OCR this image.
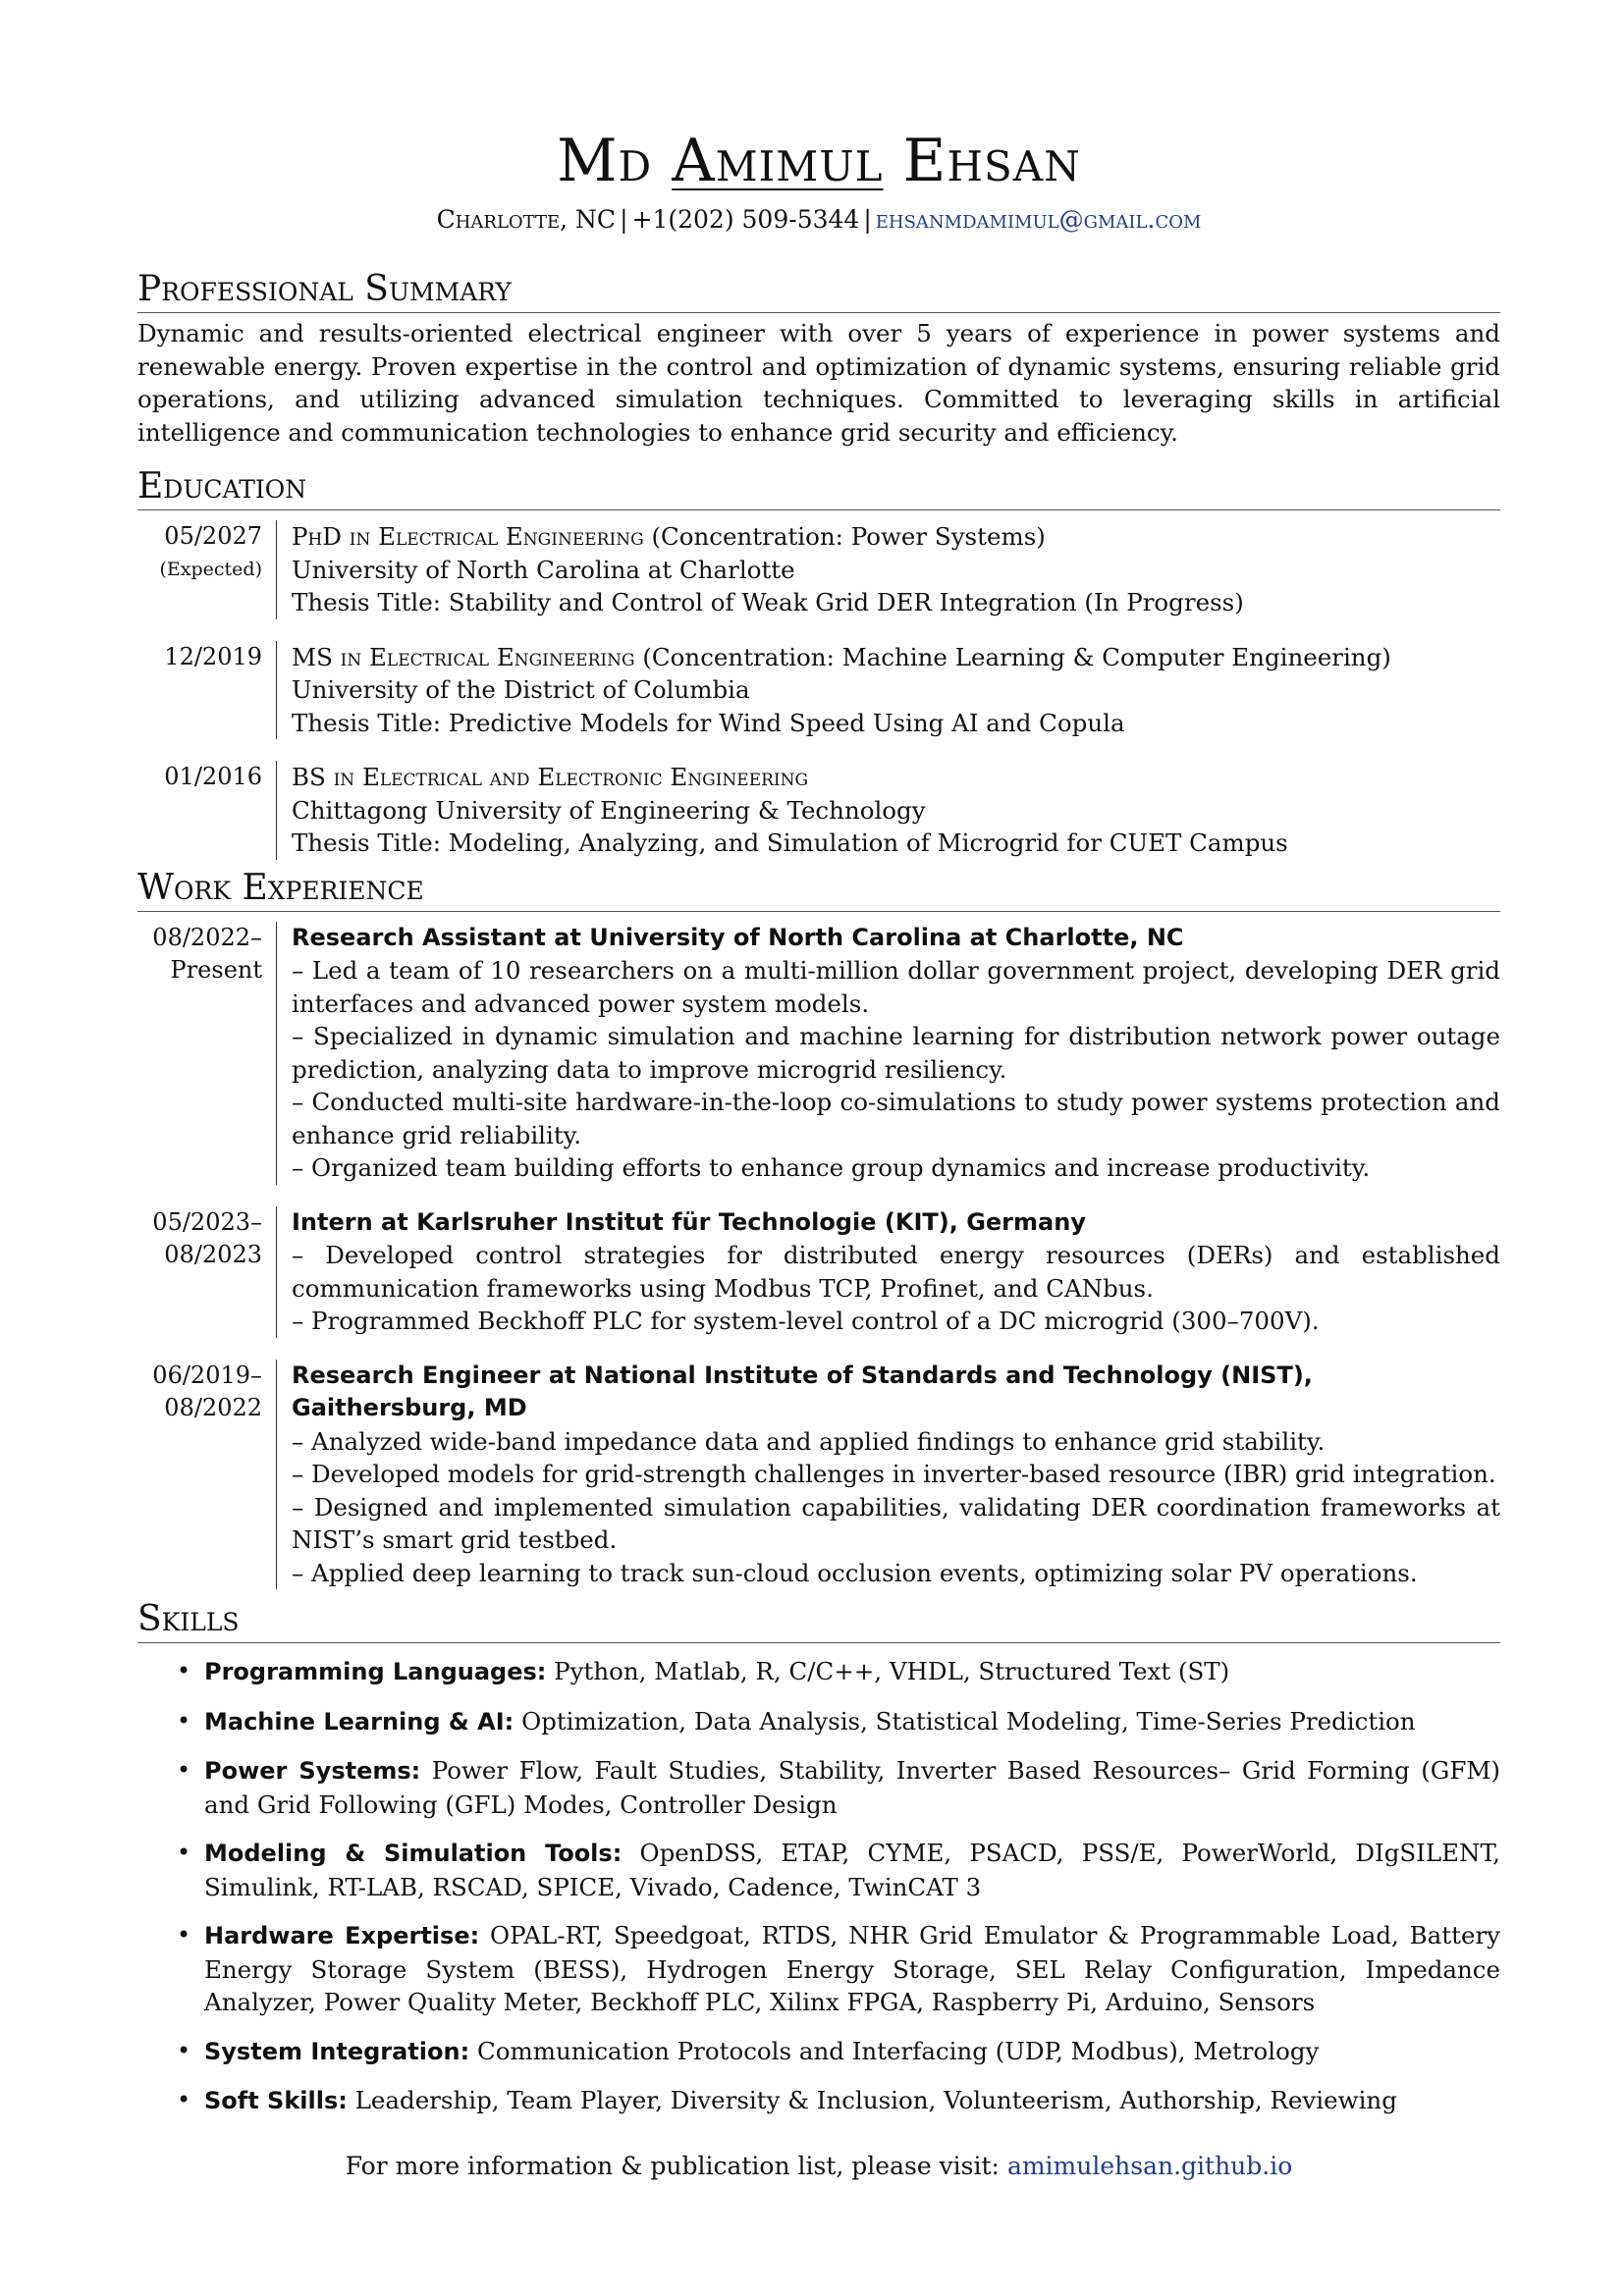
Md Amimul Ehsan
Charlotte, NC | +1(202) 509-5344 | ehsanmdamimul@gmail.com
Professional Summary

Dynamic and results-oriented electrical engineer with over 5 years of experience in power systems and renewable energy. Proven expertise in the control and optimization of dynamic systems, ensuring reliable grid operations, and utilizing advanced simulation techniques. Committed to leveraging skills in artificial intelligence and communication technologies to enhance grid security and efficiency.

Education
05/2027
(Expected)
PhD in Electrical Engineering (Concentration: Power Systems)
University of North Carolina at Charlotte
Thesis Title: Stability and Control of Weak Grid DER Integration (In Progress)
12/2019 MS in Electrical Engineering (Concentration: Machine Learning & Computer Engineering)
University of the District of Columbia
Thesis Title: Predictive Models for Wind Speed Using AI and Copula
01/2016 BS in Electrical and Electronic Engineering
Chittagong University of Engineering & Technology
Thesis Title: Modeling, Analyzing, and Simulation of Microgrid for CUET Campus
Work Experience
08/2022–
Present
Research Assistant at University of North Carolina at Charlotte, NC
– Led a team of 10 researchers on a multi-million dollar government project, developing DER grid interfaces and advanced power system models.
– Specialized in dynamic simulation and machine learning for distribution network power outage prediction, analyzing data to improve microgrid resiliency.
– Conducted multi-site hardware-in-the-loop co-simulations to study power systems protection and enhance grid reliability.
– Organized team building efforts to enhance group dynamics and increase productivity.
05/2023–
08/2023
Intern at Karlsruher Institut für Technologie (KIT), Germany
– Developed control strategies for distributed energy resources (DERs) and established communication frameworks using Modbus TCP, Profinet, and CANbus.
– Programmed Beckhoff PLC for system-level control of a DC microgrid (300–700V).
06/2019–
08/2022
Research Engineer at National Institute of Standards and Technology (NIST), Gaithersburg, MD
– Analyzed wide-band impedance data and applied findings to enhance grid stability.
– Developed models for grid-strength challenges in inverter-based resource (IBR) grid integration.
– Designed and implemented simulation capabilities, validating DER coordination frameworks at NIST’s smart grid testbed.
– Applied deep learning to track sun-cloud occlusion events, optimizing solar PV operations.
Skills
• Programming Languages: Python, Matlab, R, C/C++, VHDL, Structured Text (ST)
• Machine Learning & AI: Optimization, Data Analysis, Statistical Modeling, Time-Series Prediction
• Power Systems: Power Flow, Fault Studies, Stability, Inverter Based Resources– Grid Forming (GFM) and Grid Following (GFL) Modes, Controller Design
• Modeling & Simulation Tools: OpenDSS, ETAP, CYME, PSACD, PSS/E, PowerWorld, DIgSILENT, Simulink, RT-LAB, RSCAD, SPICE, Vivado, Cadence, TwinCAT 3
• Hardware Expertise: OPAL-RT, Speedgoat, RTDS, NHR Grid Emulator & Programmable Load, Battery Energy Storage System (BESS), Hydrogen Energy Storage, SEL Relay Configuration, Impedance Analyzer, Power Quality Meter, Beckhoff PLC, Xilinx FPGA, Raspberry Pi, Arduino, Sensors
• System Integration: Communication Protocols and Interfacing (UDP, Modbus), Metrology
• Soft Skills: Leadership, Team Player, Diversity & Inclusion, Volunteerism, Authorship, Reviewing
For more information & publication list, please visit: amimulehsan.github.io
